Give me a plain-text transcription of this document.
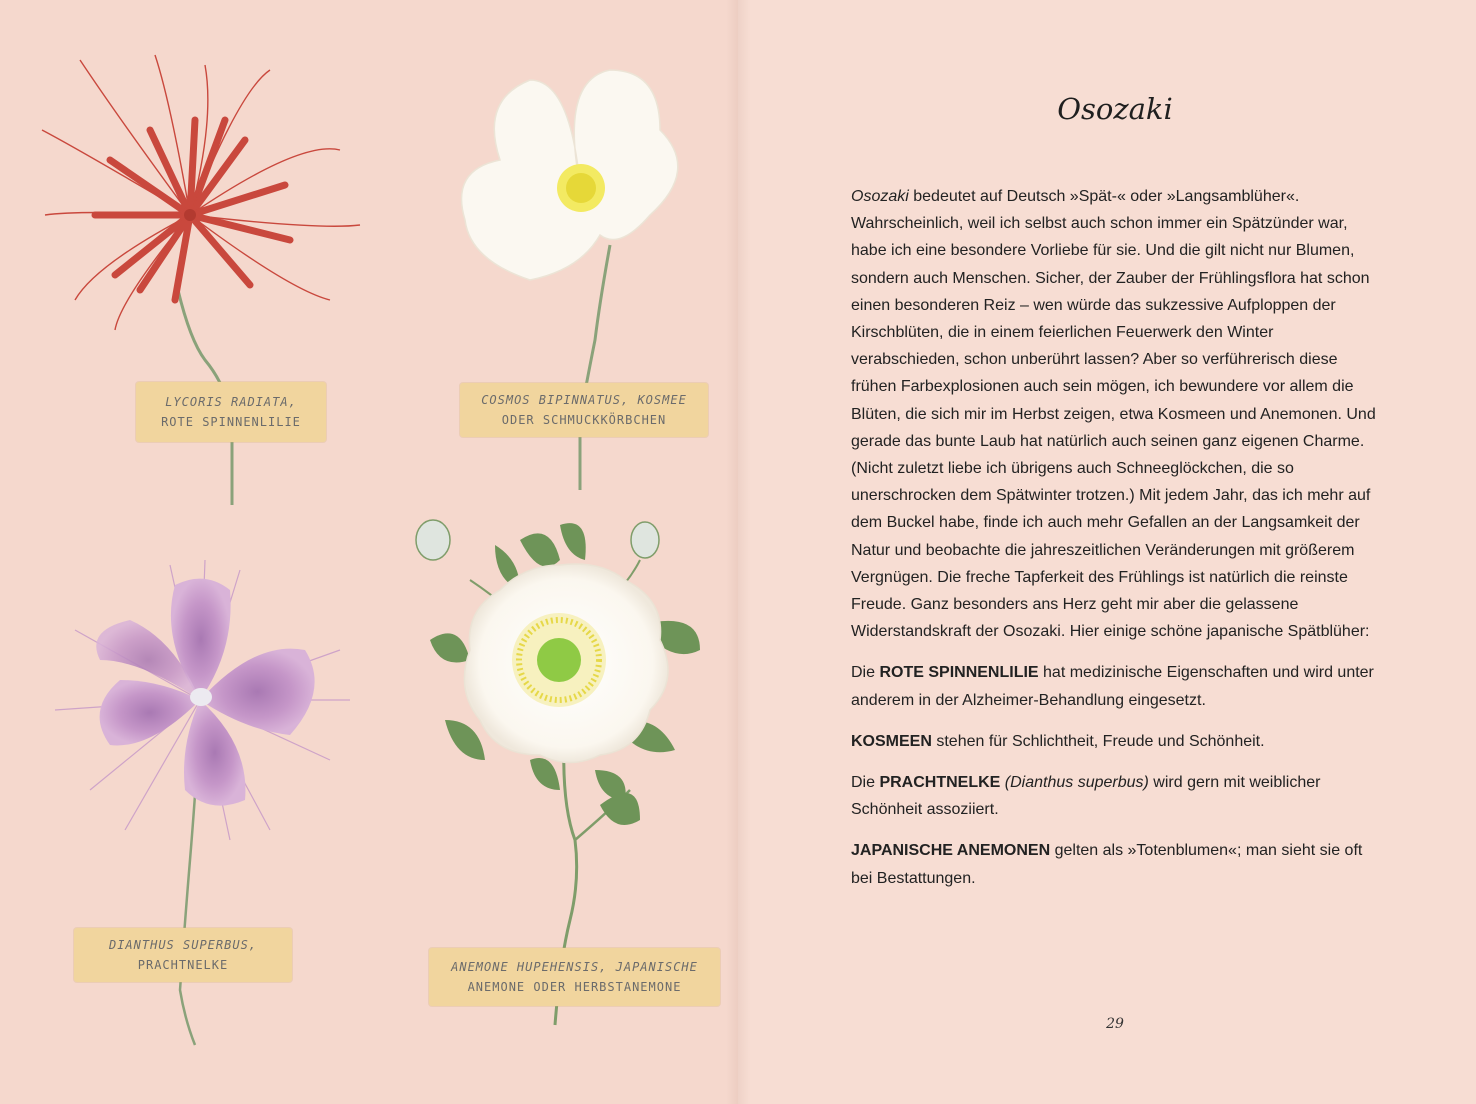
LYCORIS RADIATA,
ROTE SPINNENLILIE
COSMOS BIPINNATUS, KOSMEE
ODER SCHMUCKKÖRBCHEN
DIANTHUS SUPERBUS,
PRACHTNELKE	ANEMONE HUPEHENSIS, JAPANISCHE
ANEMONE ODER HERBSTANEMONE
Osozaki

Osozaki bedeutet auf Deutsch »Spät-« oder »Langsamblüher«. Wahrscheinlich, weil ich selbst auch schon immer ein Spätzünder war, habe ich eine besondere Vorliebe für sie. Und die gilt nicht nur Blumen, sondern auch Menschen. Sicher, der Zauber der Frühlingsflora hat schon einen besonderen Reiz – wen würde das sukzessive Aufploppen der Kirschblüten, die in einem feierlichen Feuerwerk den Winter verabschieden, schon unberührt lassen? Aber so verführerisch diese frühen Farbexplosionen auch sein mögen, ich bewundere vor allem die Blüten, die sich mir im Herbst zeigen, etwa Kosmeen und Anemonen. Und gerade das bunte Laub hat natürlich auch seinen ganz eigenen Charme. (Nicht zuletzt liebe ich übrigens auch Schneeglöckchen, die so unerschrocken dem Spätwinter trotzen.) Mit jedem Jahr, das ich mehr auf dem Buckel habe, finde ich auch mehr Gefallen an der Langsamkeit der Natur und beobachte die jahreszeitlichen Veränderungen mit größerem Vergnügen. Die freche Tapferkeit des Frühlings ist natürlich die reinste Freude. Ganz besonders ans Herz geht mir aber die gelassene Widerstandskraft der Osozaki. Hier einige schöne japanische Spätblüher:

Die ROTE SPINNENLILIE hat medizinische Eigenschaften und wird unter anderem in der Alzheimer-Behandlung eingesetzt.

KOSMEEN stehen für Schlichtheit, Freude und Schönheit.

Die PRACHTNELKE (Dianthus superbus) wird gern mit weiblicher Schönheit assoziiert.

JAPANISCHE ANEMONEN gelten als »Totenblumen«; man sieht sie oft bei Bestattungen.

29
